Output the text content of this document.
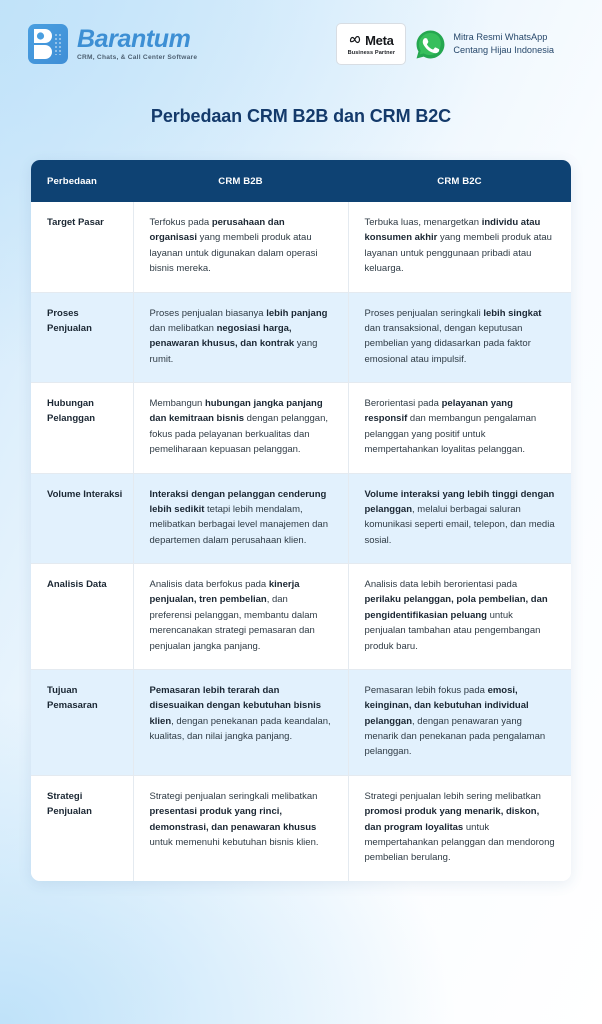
Barantum
CRM, Chats, & Call Center Software
Meta
Business Partner
Mitra Resmi WhatsApp
Centang Hijau Indonesia
Perbedaan CRM B2B dan CRM B2C
Perbedaan	CRM B2B	CRM B2C
Target Pasar	Terfokus pada perusahaan dan organisasi yang membeli produk atau layanan untuk digunakan dalam operasi bisnis mereka.	Terbuka luas, menargetkan individu atau konsumen akhir yang membeli produk atau layanan untuk penggunaan pribadi atau keluarga.
Proses Penjualan	Proses penjualan biasanya lebih panjang dan melibatkan negosiasi harga, penawaran khusus, dan kontrak yang rumit.	Proses penjualan seringkali lebih singkat dan transaksional, dengan keputusan pembelian yang didasarkan pada faktor emosional atau impulsif.
Hubungan Pelanggan	Membangun hubungan jangka panjang dan kemitraan bisnis dengan pelanggan, fokus pada pelayanan berkualitas dan pemeliharaan kepuasan pelanggan.	Berorientasi pada pelayanan yang responsif dan membangun pengalaman pelanggan yang positif untuk mempertahankan loyalitas pelanggan.
Volume Interaksi	Interaksi dengan pelanggan cenderung lebih sedikit tetapi lebih mendalam, melibatkan berbagai level manajemen dan departemen dalam perusahaan klien.	Volume interaksi yang lebih tinggi dengan pelanggan, melalui berbagai saluran komunikasi seperti email, telepon, dan media sosial.
Analisis Data	Analisis data berfokus pada kinerja penjualan, tren pembelian, dan preferensi pelanggan, membantu dalam merencanakan strategi pemasaran dan penjualan jangka panjang.	Analisis data lebih berorientasi pada perilaku pelanggan, pola pembelian, dan pengidentifikasian peluang untuk penjualan tambahan atau pengembangan produk baru.
Tujuan Pemasaran	Pemasaran lebih terarah dan disesuaikan dengan kebutuhan bisnis klien, dengan penekanan pada keandalan, kualitas, dan nilai jangka panjang.	Pemasaran lebih fokus pada emosi, keinginan, dan kebutuhan individual pelanggan, dengan penawaran yang menarik dan penekanan pada pengalaman pelanggan.
Strategi Penjualan	Strategi penjualan seringkali melibatkan presentasi produk yang rinci, demonstrasi, dan penawaran khusus untuk memenuhi kebutuhan bisnis klien.	Strategi penjualan lebih sering melibatkan promosi produk yang menarik, diskon, dan program loyalitas untuk mempertahankan pelanggan dan mendorong pembelian berulang.
